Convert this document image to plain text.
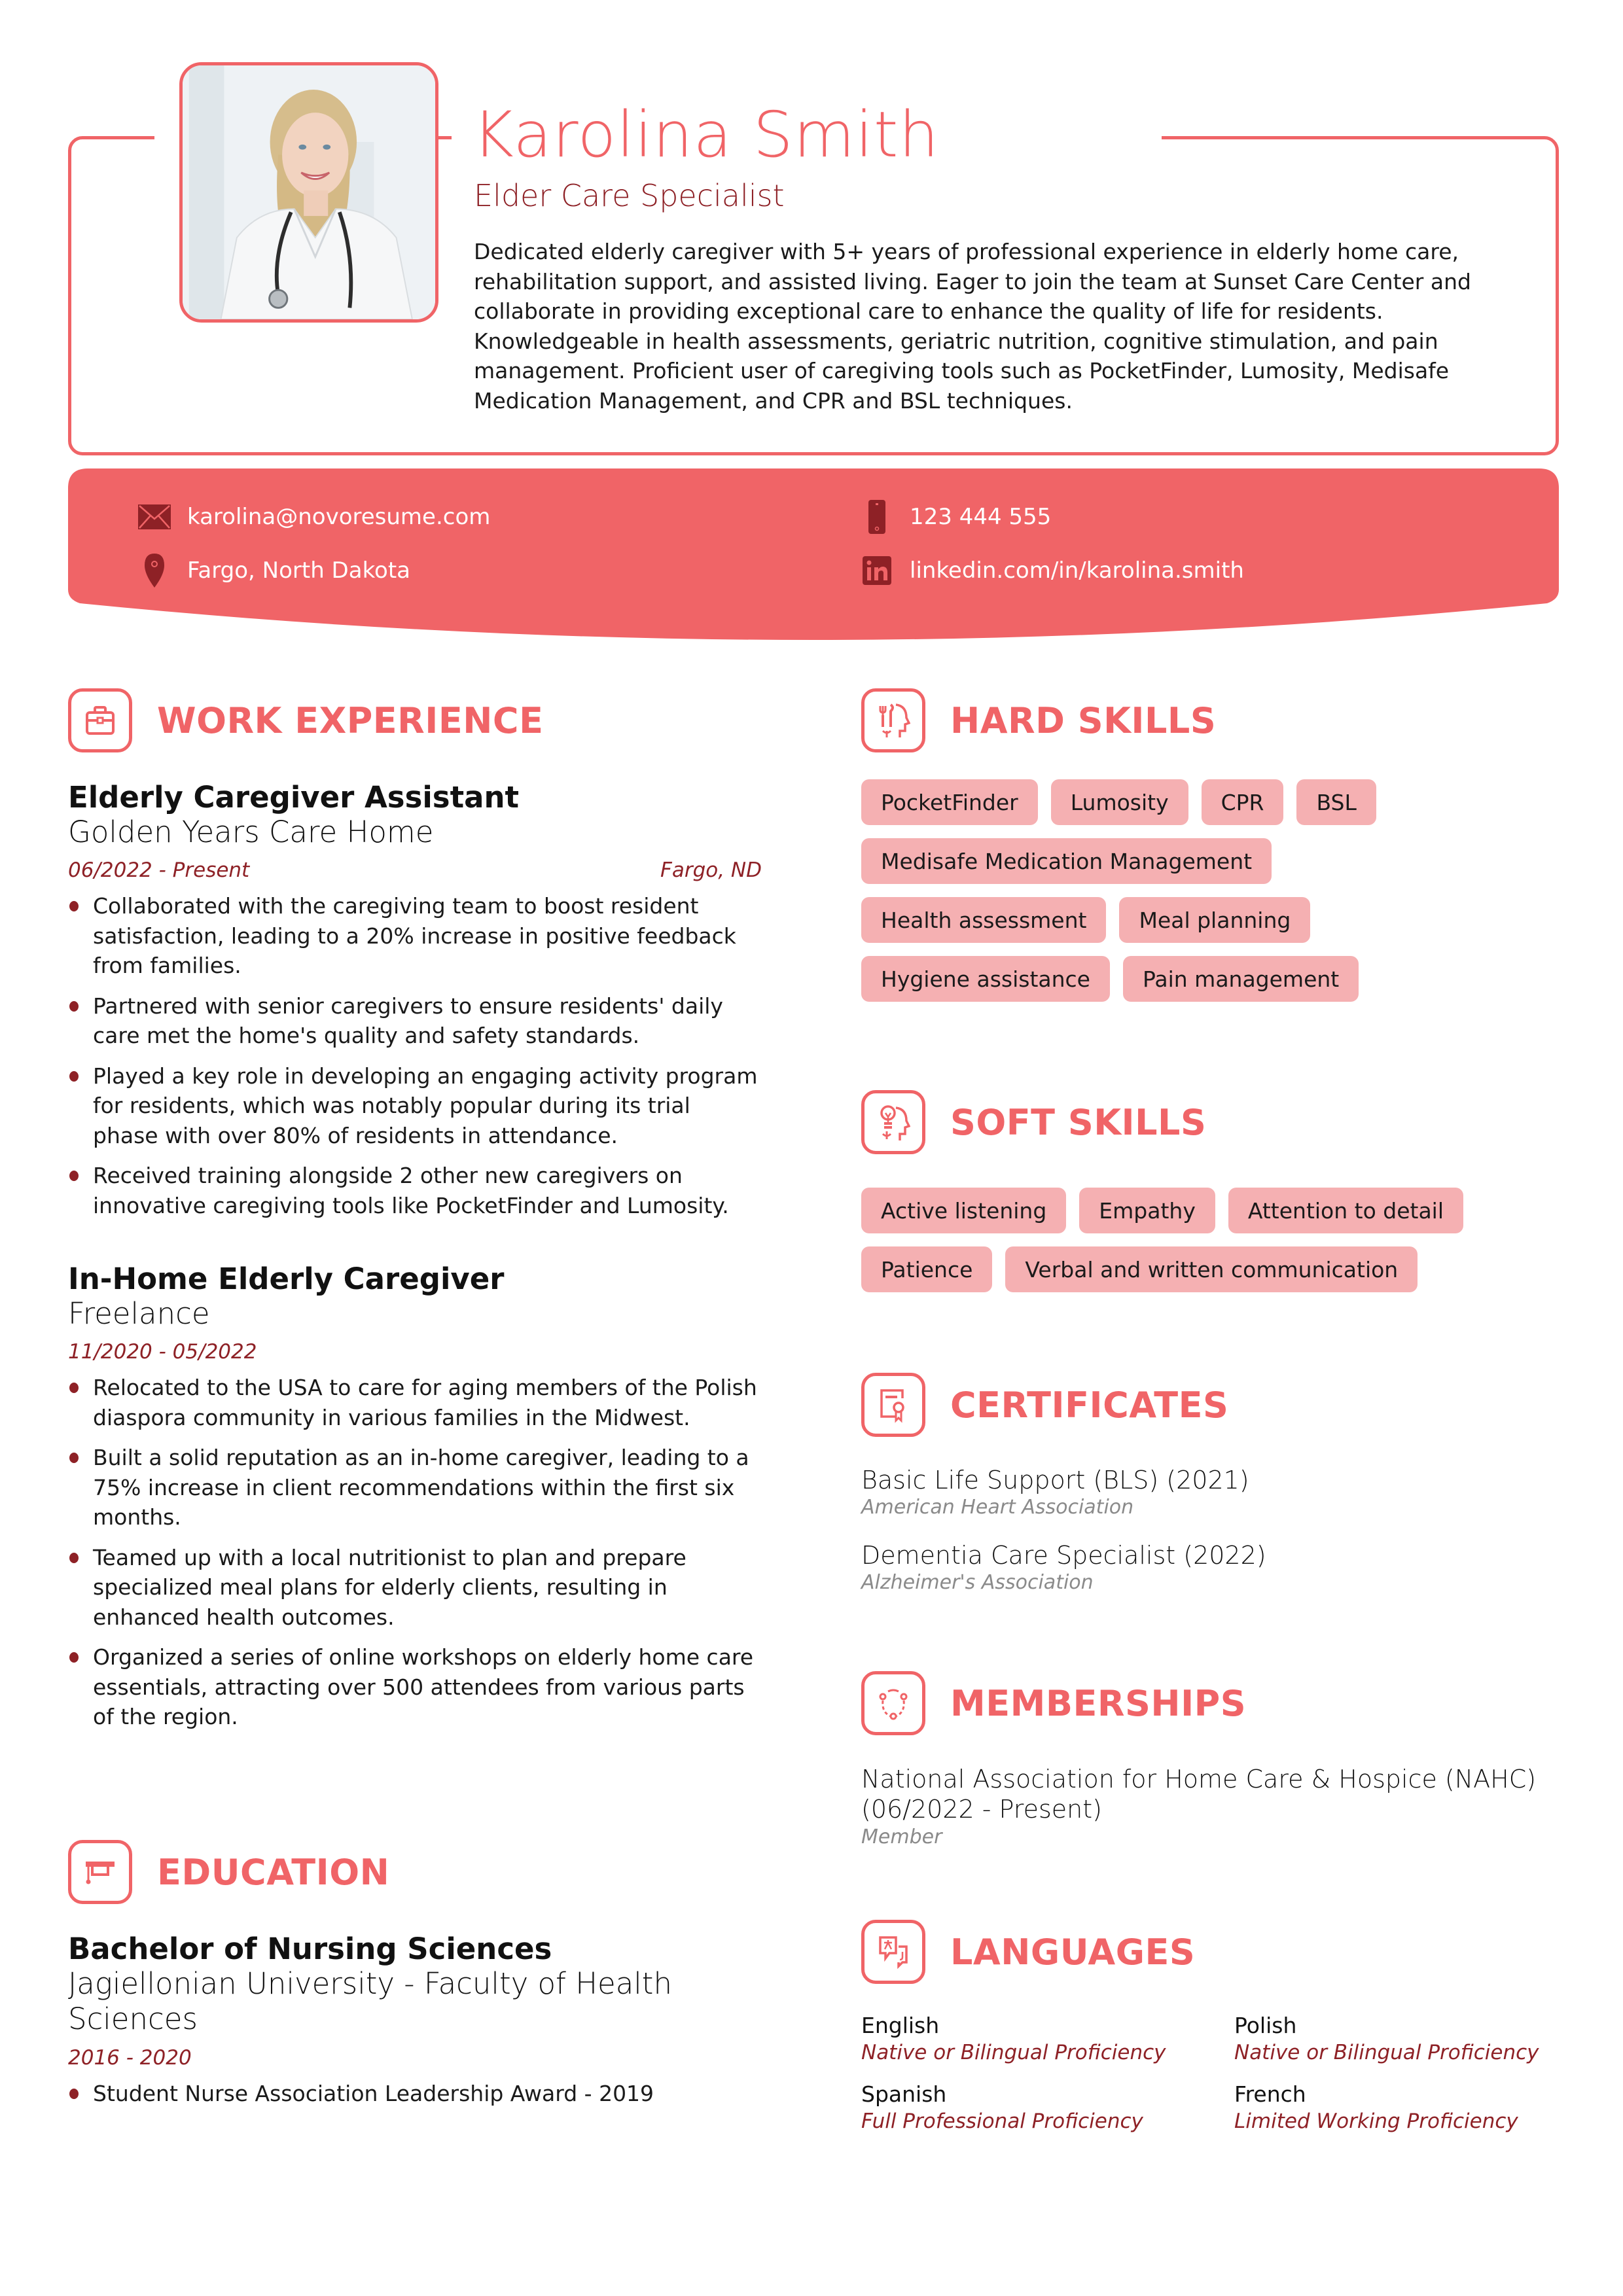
Karolina Smith
Elder Care Specialist
Dedicated elderly caregiver with 5+ years of professional experience in elderly home care, rehabilitation support, and assisted living. Eager to join the team at Sunset Care Center and collaborate in providing exceptional care to enhance the quality of life for residents. Knowledgeable in health assessments, geriatric nutrition, cognitive stimulation, and pain management. Proficient user of caregiving tools such as PocketFinder, Lumosity, Medisafe Medication Management, and CPR and BSL techniques.
karolina@novoresume.com	123 444 555
Fargo, North Dakota	linkedin.com/in/karolina.smith
WORK EXPERIENCE
Elderly Caregiver Assistant
Golden Years Care Home
06/2022 - Present	Fargo, ND
Collaborated with the caregiving team to boost resident satisfaction, leading to a 20% increase in positive feedback from families.
Partnered with senior caregivers to ensure residents' daily care met the home's quality and safety standards.
Played a key role in developing an engaging activity program for residents, which was notably popular during its trial phase with over 80% of residents in attendance.
Received training alongside 2 other new caregivers on innovative caregiving tools like PocketFinder and Lumosity.
In-Home Elderly Caregiver
Freelance
11/2020 - 05/2022
Relocated to the USA to care for aging members of the Polish diaspora community in various families in the Midwest.
Built a solid reputation as an in-home caregiver, leading to a 75% increase in client recommendations within the first six months.
Teamed up with a local nutritionist to plan and prepare specialized meal plans for elderly clients, resulting in enhanced health outcomes.
Organized a series of online workshops on elderly home care essentials, attracting over 500 attendees from various parts of the region.
EDUCATION
Bachelor of Nursing Sciences
Jagiellonian University - Faculty of Health Sciences
2016 - 2020
Student Nurse Association Leadership Award - 2019
HARD SKILLS
PocketFinder	Lumosity	CPR	BSL
Medisafe Medication Management
Health assessment	Meal planning
Hygiene assistance	Pain management
SOFT SKILLS
Active listening	Empathy	Attention to detail
Patience	Verbal and written communication
CERTIFICATES
Basic Life Support (BLS) (2021)
American Heart Association
Dementia Care Specialist (2022)
Alzheimer's Association
MEMBERSHIPS
National Association for Home Care & Hospice (NAHC)
(06/2022 - Present)
Member
LANGUAGES
English
Native or Bilingual Proficiency
Polish
Native or Bilingual Proficiency
Spanish
Full Professional Proficiency
French
Limited Working Proficiency
